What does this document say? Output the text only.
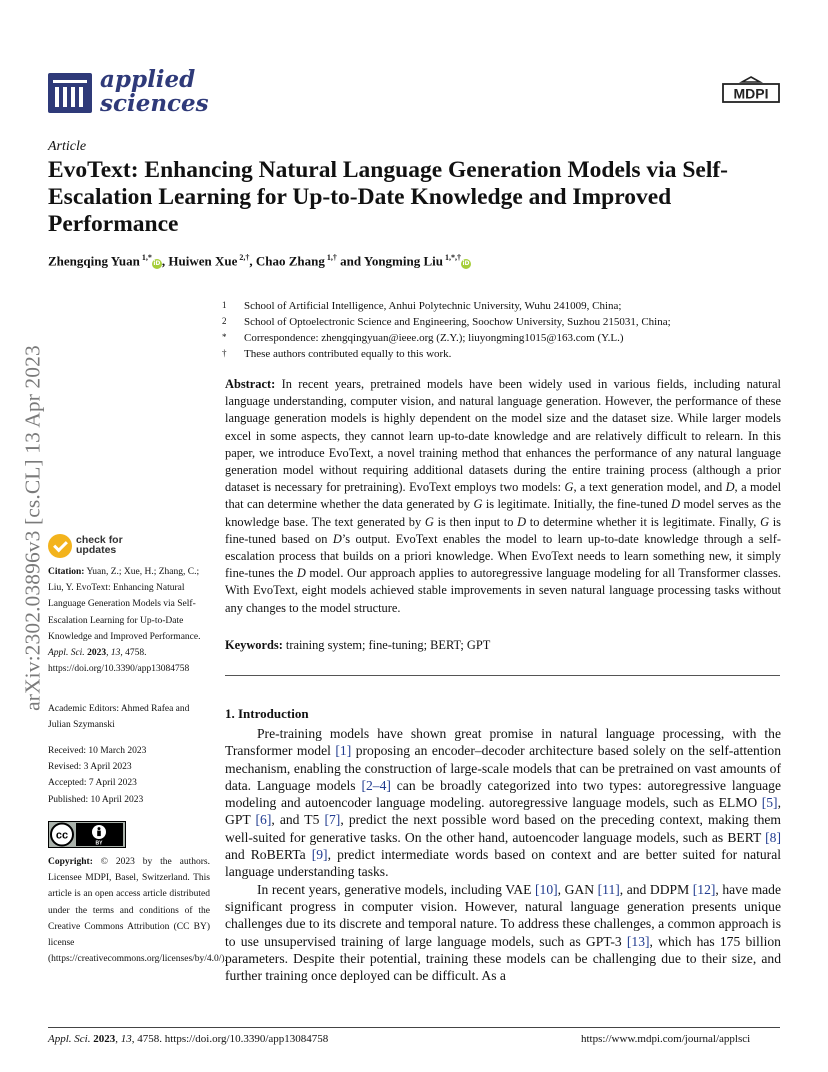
applied
sciences	MDPI
Article
EvoText: Enhancing Natural Language Generation Models via Self-Escalation Learning for Up-to-Date Knowledge and Improved Performance
Zhengqing Yuan $^{1,*}$iD, Huiwen Xue $^{2,\dagger}$, Chao Zhang $^{1,\dagger}$ and Yongming Liu $^{1,*,\dagger}$iD
1 School of Artificial Intelligence, Anhui Polytechnic University, Wuhu 241009, China;
2 School of Optoelectronic Science and Engineering, Soochow University, Suzhou 215031, China;
* Correspondence: zhengqingyuan@ieee.org (Z.Y.); liuyongming1015@163.com (Y.L.)
† These authors contributed equally to this work.
Abstract: In recent years, pretrained models have been widely used in various fields, including natural language understanding, computer vision, and natural language generation. However, the performance of these language generation models is highly dependent on the model size and the dataset size. While larger models excel in some aspects, they cannot learn up-to-date knowledge and are relatively difficult to relearn. In this paper, we introduce EvoText, a novel training method that enhances the performance of any natural language generation model without requiring additional datasets during the entire training process (although a prior dataset is necessary for pretraining). EvoText employs two models: G, a text generation model, and D, a model that can determine whether the data generated by G is legitimate. Initially, the fine-tuned D model serves as the knowledge base. The text generated by G is then input to D to determine whether it is legitimate. Finally, G is fine-tuned based on D’s output. EvoText enables the model to learn up-to-date knowledge through a self-escalation process that builds on a priori knowledge. When EvoText needs to learn something new, it simply fine-tunes the D model. Our approach applies to autoregressive language modeling for all Transformer classes. With EvoText, eight models achieved stable improvements in seven natural language processing tasks without any changes to the model structure.
Keywords: training system; fine-tuning; BERT; GPT
1. Introduction

Pre-training models have shown great promise in natural language processing, with the Transformer model [1] proposing an encoder–decoder architecture based solely on the self-attention mechanism, enabling the construction of large-scale models that can be pretrained on vast amounts of data. Language models [2–4] can be broadly categorized into two types: autoregressive language modeling and autoencoder language modeling. autoregressive language models, such as ELMO [5], GPT [6], and T5 [7], predict the next possible word based on the preceding context, making them well-suited for generative tasks. On the other hand, autoencoder language models, such as BERT [8] and RoBERTa [9], predict intermediate words based on context and are better suited for natural language understanding tasks.

In recent years, generative models, including VAE [10], GAN [11], and DDPM [12], have made significant progress in computer vision. However, natural language generation presents unique challenges due to its discrete and temporal nature. To address these challenges, a common approach is to use unsupervised training of large language models, such as GPT-3 [13], which has 175 billion parameters. Despite their potential, training these models can be challenging due to their size, and further training once deployed can be difficult. As a

arXiv:2302.03896v3 [cs.CL] 13 Apr 2023	check for
updates
Citation: Yuan, Z.; Xue, H.; Zhang, C.; Liu, Y. EvoText: Enhancing Natural Language Generation Models via Self-Escalation Learning for Up-to-Date Knowledge and Improved Performance. Appl. Sci. 2023, 13, 4758. https://doi.org/10.3390/app13084758
Academic Editors: Ahmed Rafea and Julian Szymanski
Received: 10 March 2023
Revised: 3 April 2023
Accepted: 7 April 2023
Published: 10 April 2023
cc
BY
Copyright: © 2023 by the authors. Licensee MDPI, Basel, Switzerland. This article is an open access article distributed under the terms and conditions of the Creative Commons Attribution (CC BY) license (https://creativecommons.org/licenses/by/4.0/).
Appl. Sci. 2023, 13, 4758. https://doi.org/10.3390/app13084758	https://www.mdpi.com/journal/applsci
